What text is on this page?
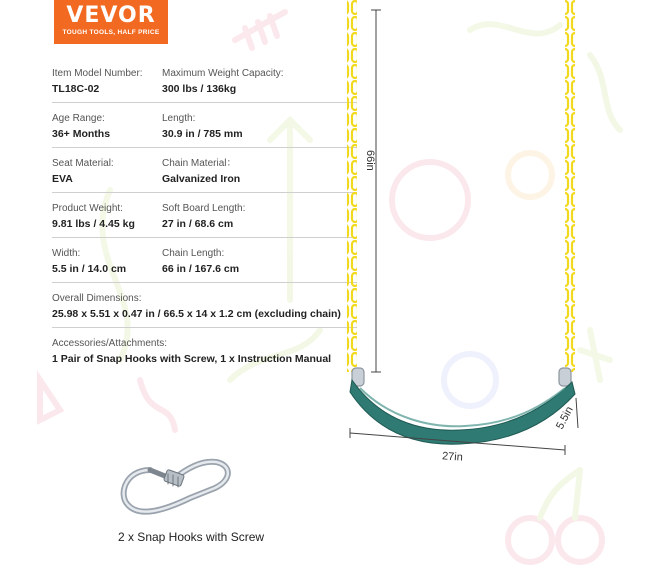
VEVOR
TOUGH TOOLS, HALF PRICE
Item Model Number:
TL18C-02
Maximum Weight Capacity:
300 lbs / 136kg
Age Range:
36+ Months
Length:
30.9 in / 785 mm
Seat Material:
EVA
Chain Material：
Galvanized Iron
Product Weight:
9.81 lbs / 4.45 kg
Soft Board Length:
27 in / 68.6 cm
Width:
5.5 in / 14.0 cm
Chain Length:
66 in / 167.6 cm
Overall Dimensions:
25.98 x 5.51 x 0.47 in / 66.5 x 14 x 1.2 cm (excluding chain)
Accessories/Attachments:
1 Pair of Snap Hooks with Screw, 1 x Instruction Manual
66in
27in
5.5in
2 x Snap Hooks with Screw
